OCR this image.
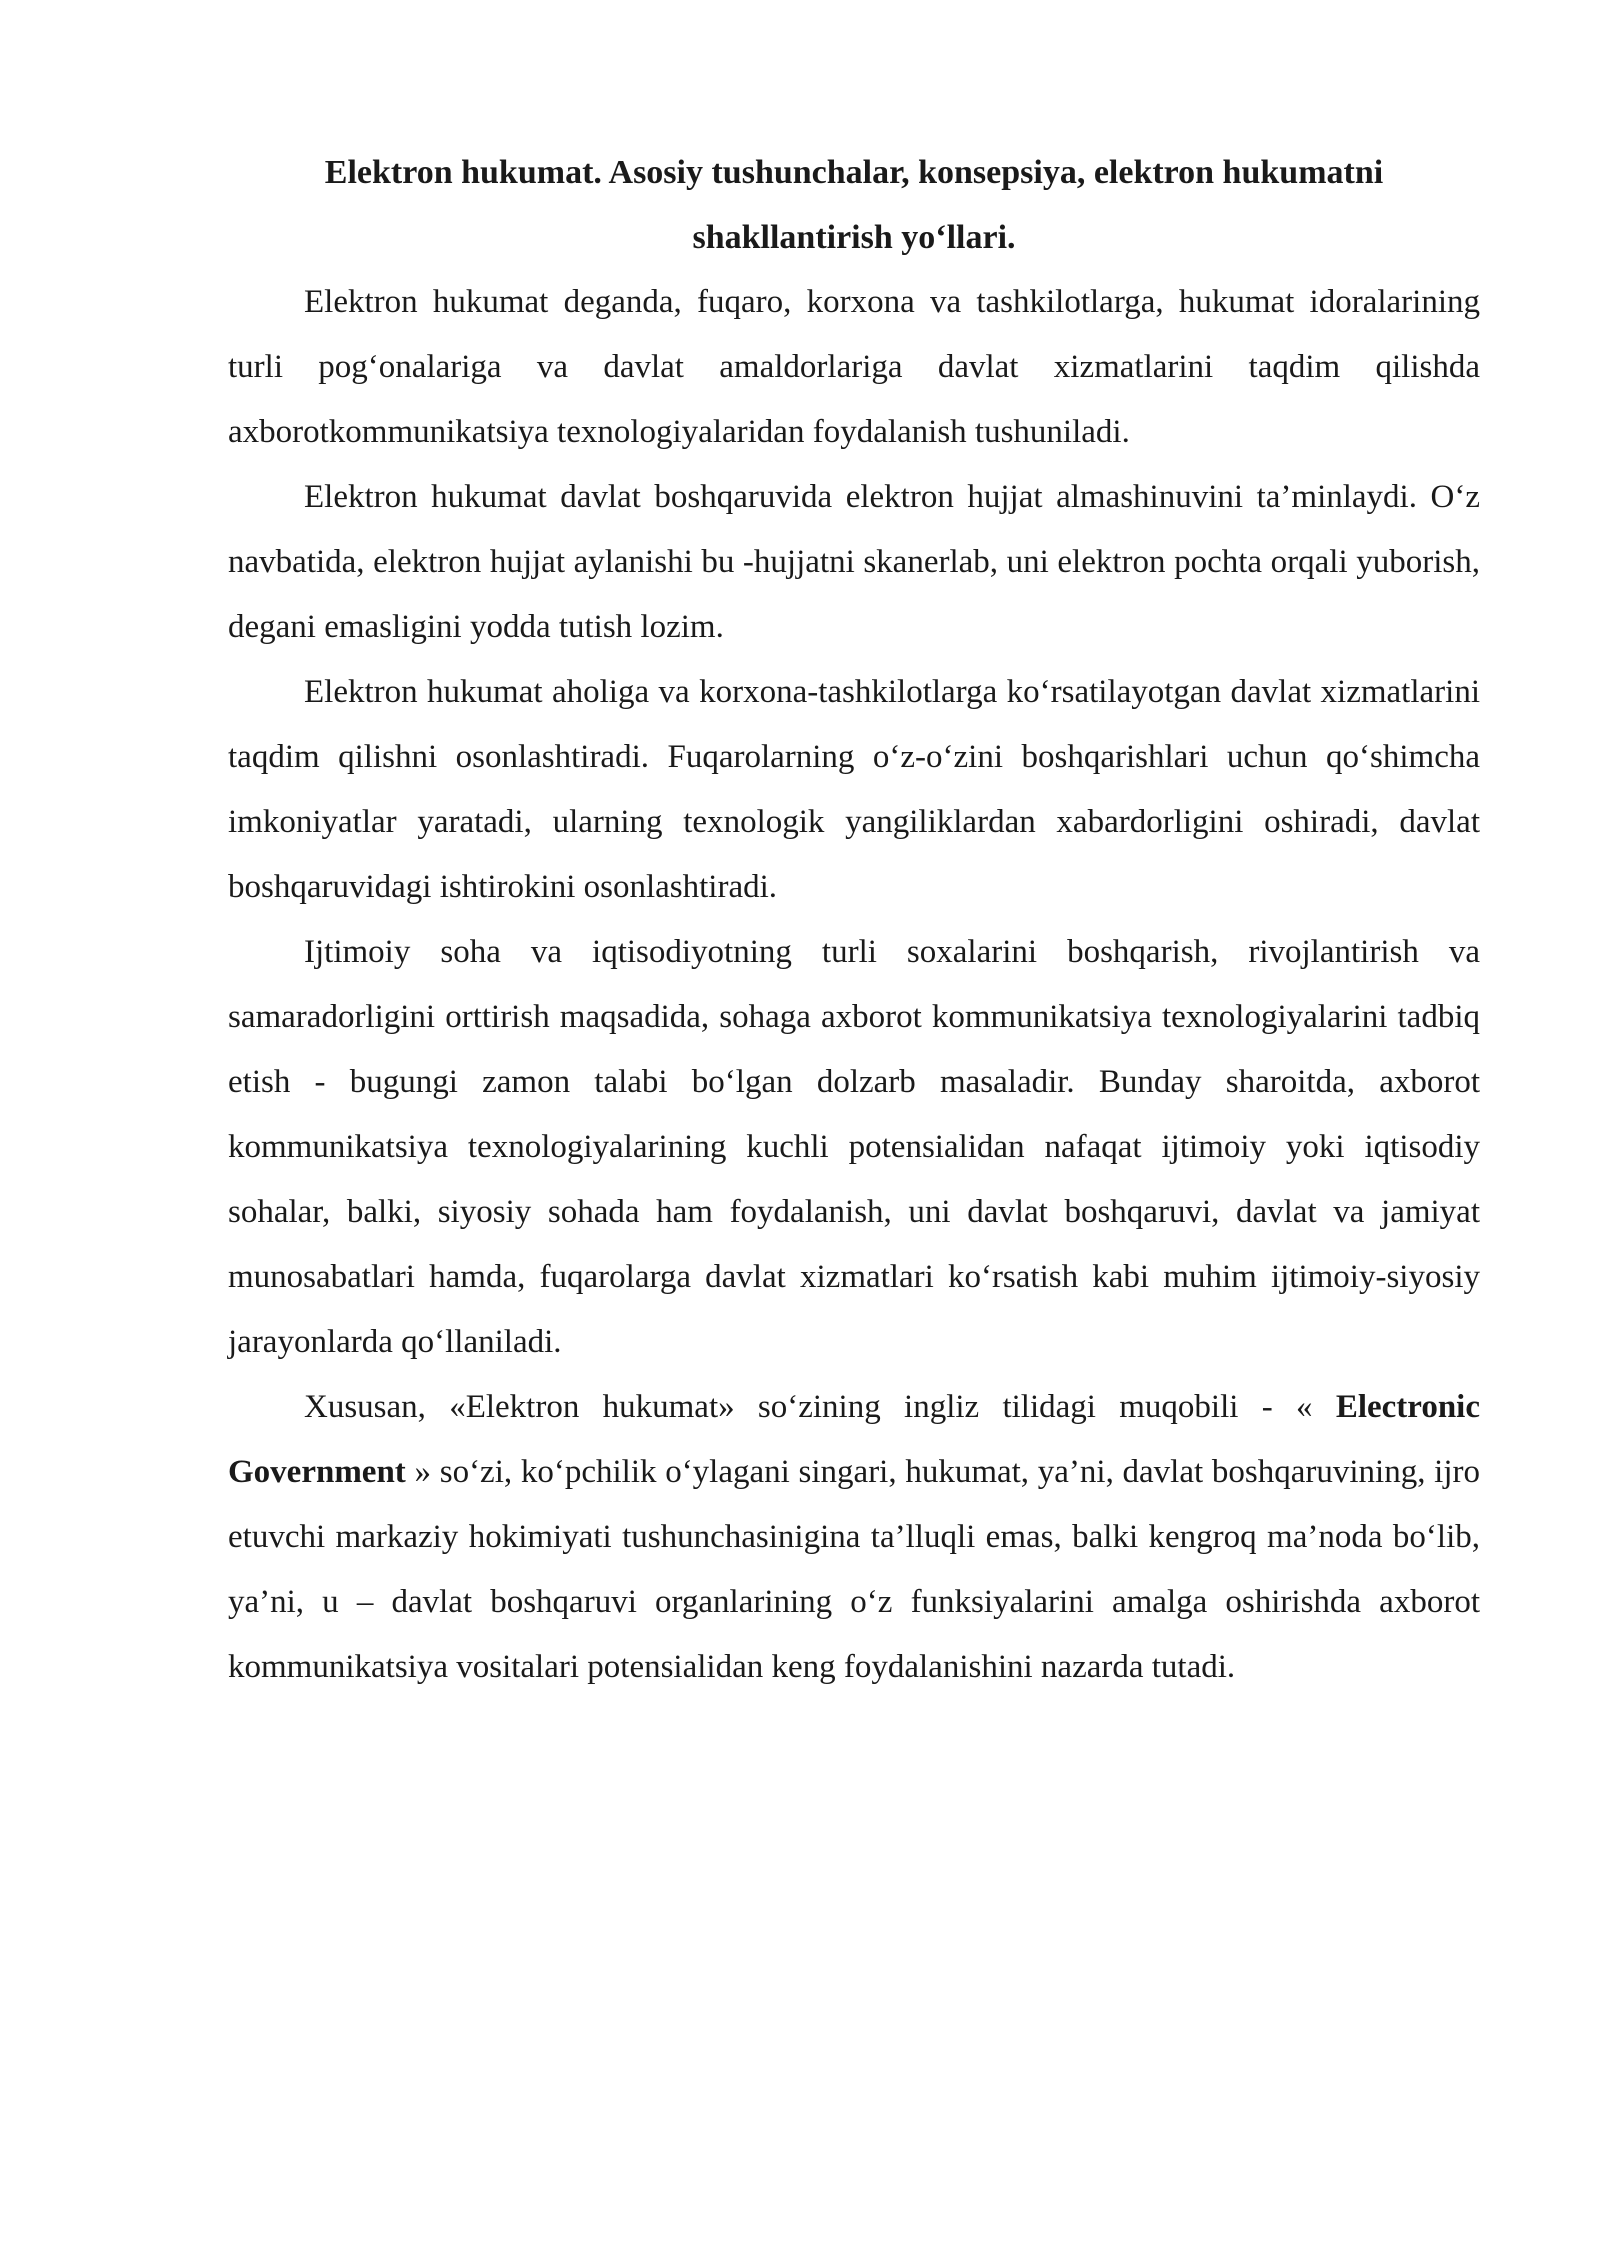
Elektron hukumat. Asosiy tushunchalar, konsepsiya, elektron hukumatni
shakllantirish yo‘llari.

Elektron hukumat deganda, fuqaro, korxona va tashkilotlarga, hukumat idoralarining turli pog‘onalariga va davlat amaldorlariga davlat xizmatlarini taqdim qilishda axborotkommunikatsiya texnologiyalaridan foydalanish tushuniladi.

Elektron hukumat davlat boshqaruvida elektron hujjat almashinuvini ta’minlaydi. O‘z navbatida, elektron hujjat aylanishi bu -hujjatni skanerlab, uni elektron pochta orqali yuborish, degani emasligini yodda tutish lozim.

Elektron hukumat aholiga va korxona-tashkilotlarga ko‘rsatilayotgan davlat xizmatlarini taqdim qilishni osonlashtiradi. Fuqarolarning o‘z-o‘zini boshqarishlari uchun qo‘shimcha imkoniyatlar yaratadi, ularning texnologik yangiliklardan xabardorligini oshiradi, davlat boshqaruvidagi ishtirokini osonlashtiradi.

Ijtimoiy soha va iqtisodiyotning turli soxalarini boshqarish, rivojlantirish va samaradorligini orttirish maqsadida, sohaga axborot kommunikatsiya texnologiyalarini tadbiq etish - bugungi zamon talabi bo‘lgan dolzarb masaladir. Bunday sharoitda, axborot kommunikatsiya texnologiyalarining kuchli potensialidan nafaqat ijtimoiy yoki iqtisodiy sohalar, balki, siyosiy sohada ham foydalanish, uni davlat boshqaruvi, davlat va jamiyat munosabatlari hamda, fuqarolarga davlat xizmatlari ko‘rsatish kabi muhim ijtimoiy-siyosiy jarayonlarda qo‘llaniladi.

Xususan, «Elektron hukumat» so‘zining ingliz tilidagi muqobili - « Electronic Government » so‘zi, ko‘pchilik o‘ylagani singari, hukumat, ya’ni, davlat boshqaruvining, ijro etuvchi markaziy hokimiyati tushunchasinigina ta’lluqli emas, balki kengroq ma’noda bo‘lib, ya’ni, u – davlat boshqaruvi organlarining o‘z funksiyalarini amalga oshirishda axborot kommunikatsiya vositalari potensialidan keng foydalanishini nazarda tutadi.
